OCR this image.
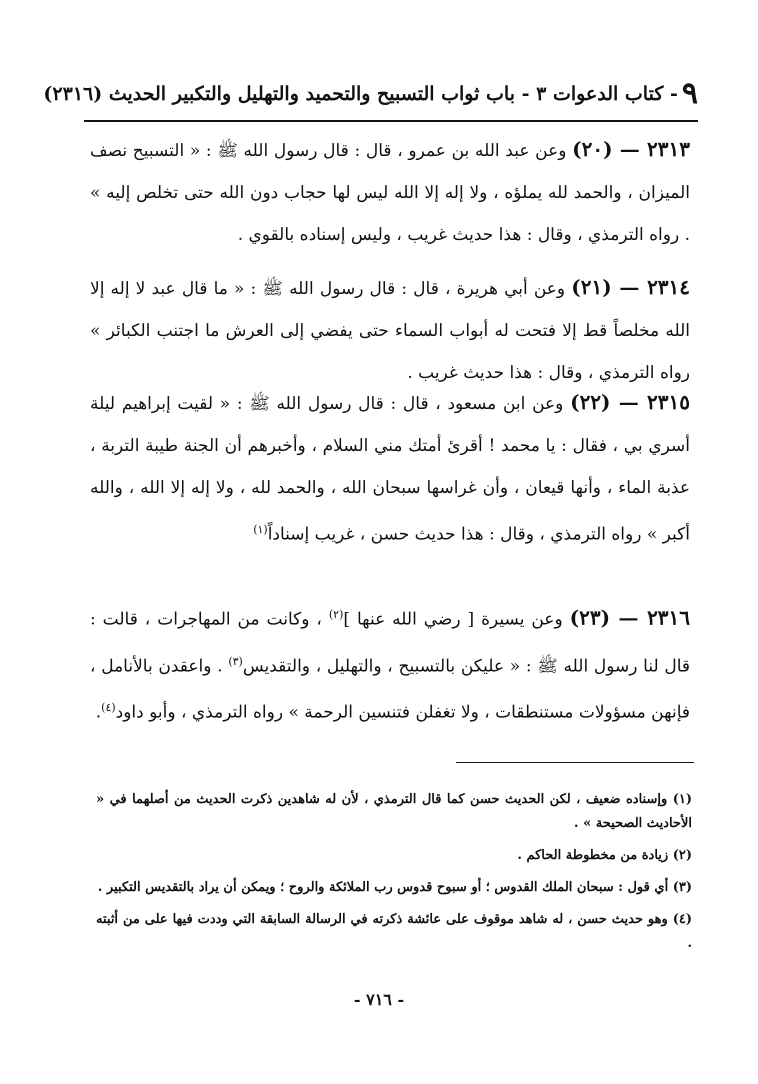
٩
- كتاب الدعوات ٣ - باب ثواب التسبيح والتحميد والتهليل والتكبير الحديث (٢٣١٦)
٢٣١٣ — (٢٠) وعن عبد الله بن عمرو ، قال : قال رسول الله ﷺ : « التسبيح نصف الميزان ، والحمد لله يملؤه ، ولا إله إلا الله ليس لها حجاب دون الله حتى تخلص إليه » . رواه الترمذي ، وقال : هذا حديث غريب ، وليس إسناده بالقوي .
٢٣١٤ — (٢١) وعن أبي هريرة ، قال : قال رسول الله ﷺ : « ما قال عبد لا إله إلا الله مخلصاً قط إلا فتحت له أبواب السماء حتى يفضي إلى العرش ما اجتنب الكبائر » رواه الترمذي ، وقال : هذا حديث غريب .
٢٣١٥ — (٢٢) وعن ابن مسعود ، قال : قال رسول الله ﷺ : « لقيت إبراهيم ليلة أسري بي ، فقال : يا محمد ! أقرئ أمتك مني السلام ، وأخبرهم أن الجنة طيبة التربة ، عذبة الماء ، وأنها قيعان ، وأن غراسها سبحان الله ، والحمد لله ، ولا إله إلا الله ، والله أكبر » رواه الترمذي ، وقال : هذا حديث حسن ، غريب إسناداً$^{(١)}$
٢٣١٦ — (٢٣) وعن يسيرة [ رضي الله عنها ]$^{(٢)}$ ، وكانت من المهاجرات ، قالت : قال لنا رسول الله ﷺ : « عليكن بالتسبيح ، والتهليل ، والتقديس$^{(٣)}$ . واعقدن بالأنامل ، فإنهن مسؤولات مستنطقات ، ولا تغفلن فتنسين الرحمة » رواه الترمذي ، وأبو داود$^{(٤)}$.

(١) وإسناده ضعيف ، لكن الحديث حسن كما قال الترمذي ، لأن له شاهدين ذكرت الحديث من أصلهما في « الأحاديث الصحيحة » .

(٢) زيادة من مخطوطة الحاكم .

(٣) أي قول : سبحان الملك القدوس ؛ أو سبوح قدوس رب الملائكة والروح ؛ ويمكن أن يراد بالتقديس التكبير .

(٤) وهو حديث حسن ، له شاهد موقوف على عائشة ذكرته في الرسالة السابقة التي وددت فيها على من أثبته .

- ٧١٦ -
